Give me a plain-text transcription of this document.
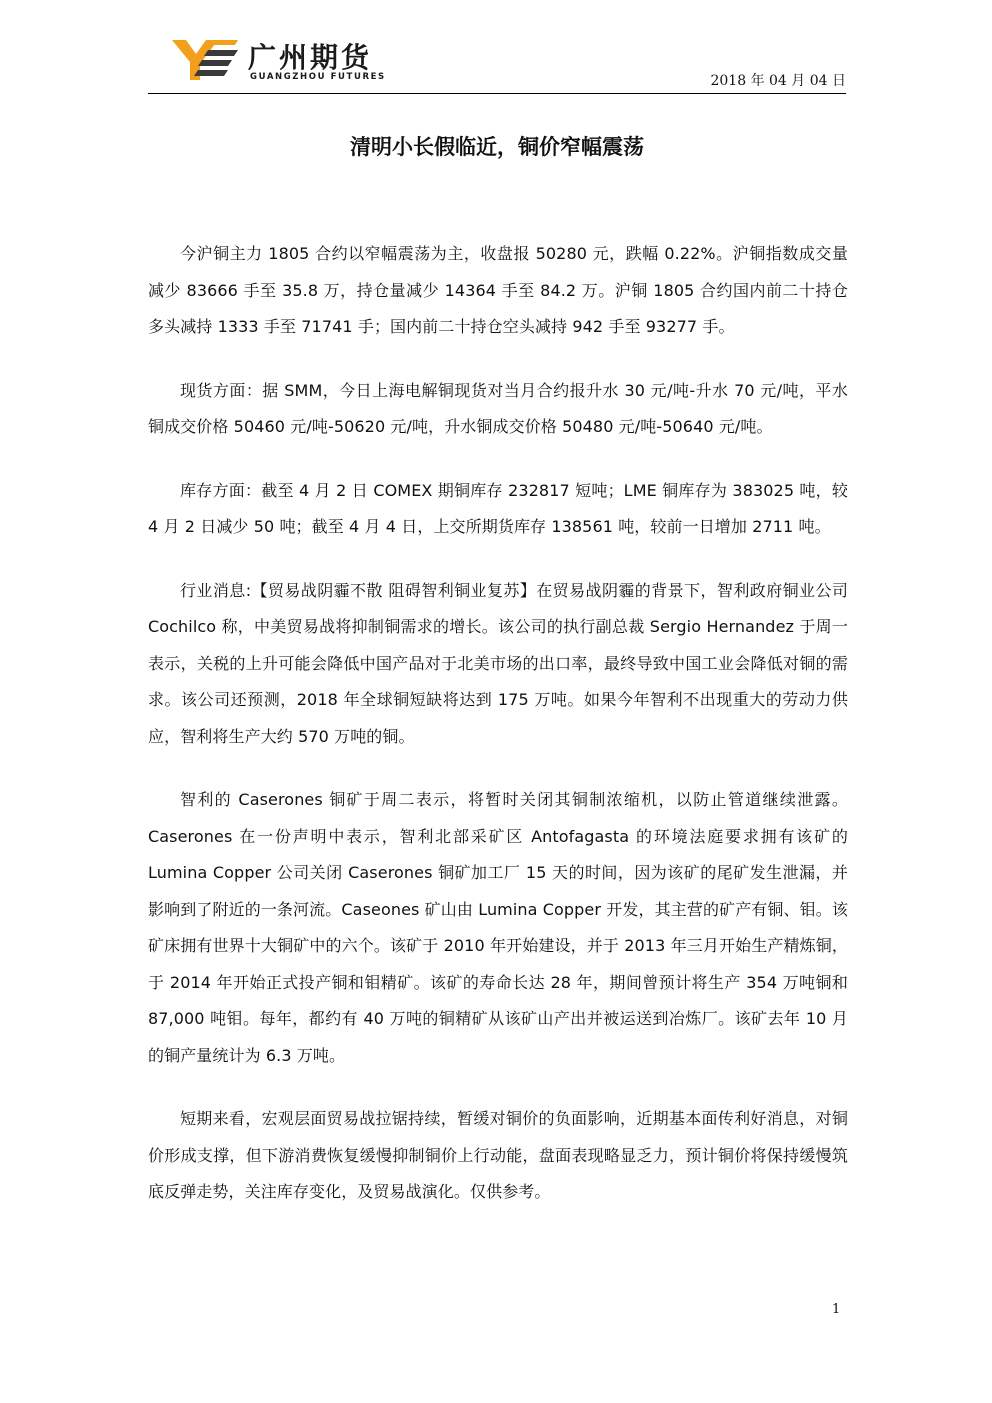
广州期货
GUANGZHOU FUTURES	2018 年 04 月 04 日
清明小长假临近，铜价窄幅震荡

今沪铜主力 1805 合约以窄幅震荡为主，收盘报 50280 元，跌幅 0.22%。沪铜指数成交量减少 83666 手至 35.8 万，持仓量减少 14364 手至 84.2 万。沪铜 1805 合约国内前二十持仓多头减持 1333 手至 71741 手；国内前二十持仓空头减持 942 手至 93277 手。

现货方面：据 SMM，今日上海电解铜现货对当月合约报升水 30 元/吨-升水 70 元/吨，平水铜成交价格 50460 元/吨-50620 元/吨，升水铜成交价格 50480 元/吨-50640 元/吨。

库存方面：截至 4 月 2 日 COMEX 期铜库存 232817 短吨；LME 铜库存为 383025 吨，较 4 月 2 日减少 50 吨；截至 4 月 4 日，上交所期货库存 138561 吨，较前一日增加 2711 吨。

行业消息:【贸易战阴霾不散 阻碍智利铜业复苏】在贸易战阴霾的背景下，智利政府铜业公司 Cochilco 称，中美贸易战将抑制铜需求的增长。该公司的执行副总裁 Sergio Hernandez 于周一表示，关税的上升可能会降低中国产品对于北美市场的出口率，最终导致中国工业会降低对铜的需求。该公司还预测，2018 年全球铜短缺将达到 175 万吨。如果今年智利不出现重大的劳动力供应，智利将生产大约 570 万吨的铜。

智利的 Caserones 铜矿于周二表示，将暂时关闭其铜制浓缩机，以防止管道继续泄露。Caserones 在一份声明中表示，智利北部采矿区 Antofagasta 的环境法庭要求拥有该矿的 Lumina Copper 公司关闭 Caserones 铜矿加工厂 15 天的时间，因为该矿的尾矿发生泄漏，并影响到了附近的一条河流。Caseones 矿山由 Lumina Copper 开发，其主营的矿产有铜、钼。该矿床拥有世界十大铜矿中的六个。该矿于 2010 年开始建设，并于 2013 年三月开始生产精炼铜，于 2014 年开始正式投产铜和钼精矿。该矿的寿命长达 28 年，期间曾预计将生产 354 万吨铜和 87,000 吨钼。每年，都约有 40 万吨的铜精矿从该矿山产出并被运送到冶炼厂。该矿去年 10 月的铜产量统计为 6.3 万吨。

短期来看，宏观层面贸易战拉锯持续，暂缓对铜价的负面影响，近期基本面传利好消息，对铜价形成支撑，但下游消费恢复缓慢抑制铜价上行动能，盘面表现略显乏力，预计铜价将保持缓慢筑底反弹走势，关注库存变化，及贸易战演化。仅供参考。

1
